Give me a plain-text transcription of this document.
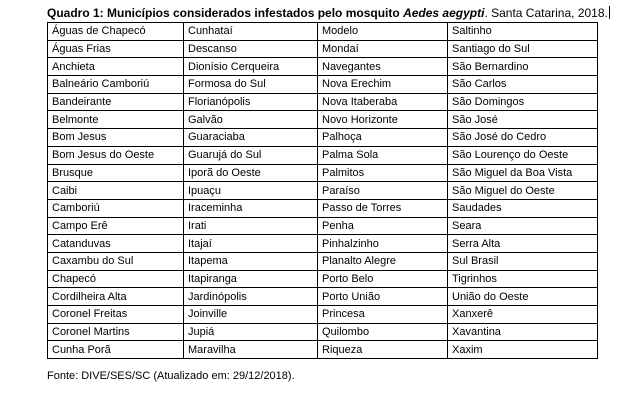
Quadro 1: Municípios considerados infestados pelo mosquito Aedes aegypti. Santa Catarina, 2018.
Águas de Chapecó	Cunhataí	Modelo	Saltinho
Águas Frias	Descanso	Mondaí	Santiago do Sul
Anchieta	Dionísio Cerqueira	Navegantes	São Bernardino
Balneário Camboriú	Formosa do Sul	Nova Erechim	São Carlos
Bandeirante	Florianópolis	Nova Itaberaba	São Domingos
Belmonte	Galvão	Novo Horizonte	São José
Bom Jesus	Guaraciaba	Palhoça	São José do Cedro
Bom Jesus do Oeste	Guarujá do Sul	Palma Sola	São Lourenço do Oeste
Brusque	Iporã do Oeste	Palmitos	São Miguel da Boa Vista
Caibi	Ipuaçu	Paraíso	São Miguel do Oeste
Camboriú	Iraceminha	Passo de Torres	Saudades
Campo Erê	Irati	Penha	Seara
Catanduvas	Itajaí	Pinhalzinho	Serra Alta
Caxambu do Sul	Itapema	Planalto Alegre	Sul Brasil
Chapecó	Itapiranga	Porto Belo	Tigrinhos
Cordilheira Alta	Jardinópolis	Porto União	União do Oeste
Coronel Freitas	Joinville	Princesa	Xanxerê
Coronel Martins	Jupiá	Quilombo	Xavantina
Cunha Porã	Maravilha	Riqueza	Xaxim
Fonte: DIVE/SES/SC (Atualizado em: 29/12/2018).
